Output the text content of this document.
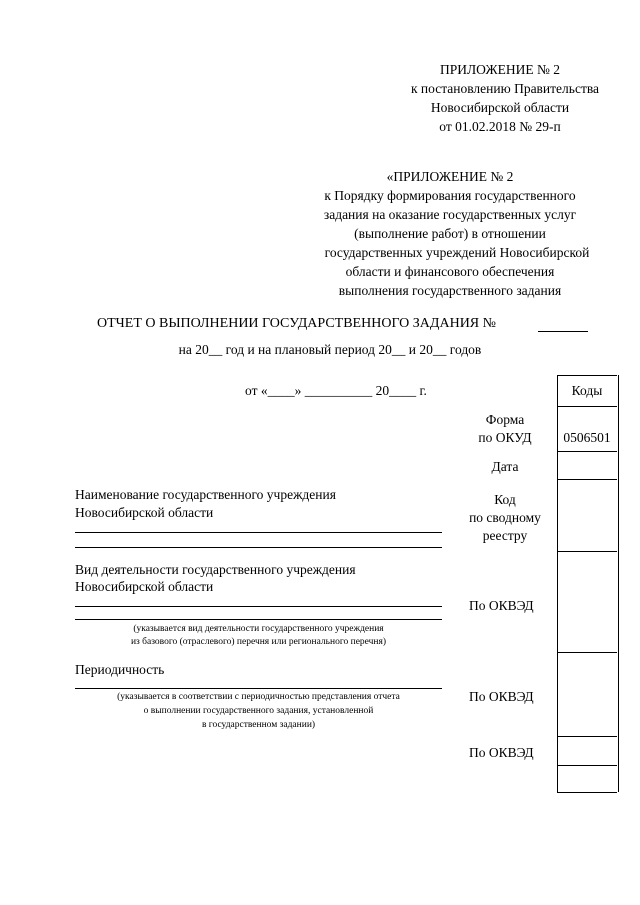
ПРИЛОЖЕНИЕ № 2
к постановлению Правительства
Новосибирской области
от 01.02.2018 № 29-п
«ПРИЛОЖЕНИЕ № 2
к Порядку формирования государственного
задания на оказание государственных услуг
(выполнение работ) в отношении
государственных учреждений Новосибирской
области и финансового обеспечения
выполнения государственного задания
ОТЧЕТ О ВЫПОЛНЕНИИ ГОСУДАРСТВЕННОГО ЗАДАНИЯ №
на 20__ год и на плановый период 20__ и 20__ годов
от «____» __________ 20____ г.
Форма
по ОКУД
Дата
Код
по сводному
реестру
По ОКВЭД
По ОКВЭД
По ОКВЭД
Коды
0506501
Наименование государственного учреждения
Новосибирской области
Вид деятельности государственного учреждения
Новосибирской области
(указывается вид деятельности государственного учреждения
из базового (отраслевого) перечня или регионального перечня)
Периодичность
(указывается в соответствии с периодичностью представления отчета
о выполнении государственного задания, установленной
в государственном задании)
